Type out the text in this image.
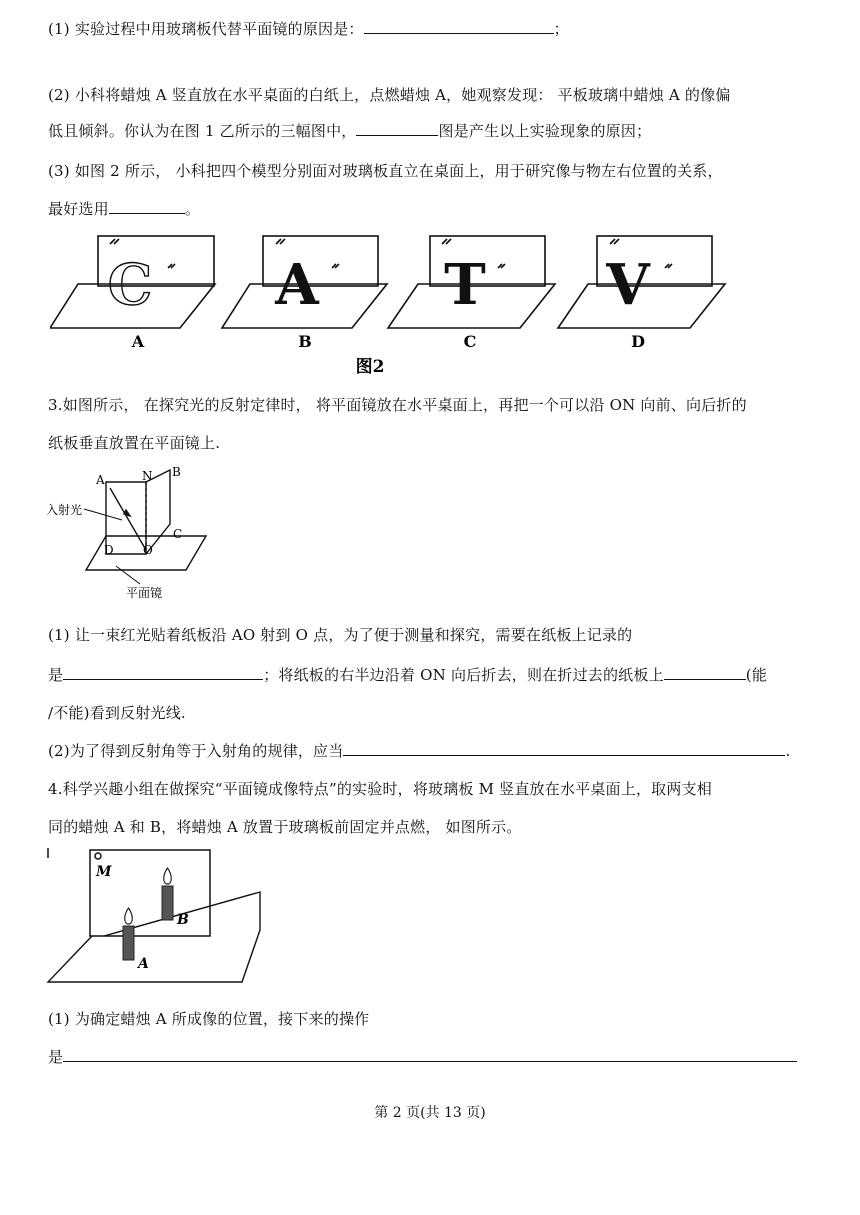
(1) 实验过程中用玻璃板代替平面镜的原因是：	；
(2) 小科将蜡烛 A 竖直放在水平桌面的白纸上，点燃蜡烛 A，她观察发现： 平板玻璃中蜡烛 A 的像偏
低且倾斜。你认为在图 1 乙所示的三幅图中，	图是产生以上实验现象的原因；
(3) 如图 2 所示， 小科把四个模型分别面对玻璃板直立在桌面上，用于研究像与物左右位置的关系，
最好选用	。
C A T V
A	B	C	D
图2
3.如图所示， 在探究光的反射定律时， 将平面镜放在水平桌面上，再把一个可以沿 ON 向前、向后折的
纸板垂直放置在平面镜上.
A	N B
C
D O
入射光
平面镜
(1) 让一束红光贴着纸板沿 AO 射到 O 点，为了便于测量和探究，需要在纸板上记录的
是	；将纸板的右半边沿着 ON 向后折去，则在折过去的纸板上	(能
/不能)看到反射光线.
(2)为了得到反射角等于入射角的规律，应当	.
4.科学兴趣小组在做探究“平面镜成像特点”的实验时，将玻璃板 M 竖直放在水平桌面上，取两支相
同的蜡烛 A 和 B，将蜡烛 A 放置于玻璃板前固定并点燃， 如图所示。
M
B
A
(1) 为确定蜡烛 A 所成像的位置，接下来的操作
是
第 2 页(共 13 页)
